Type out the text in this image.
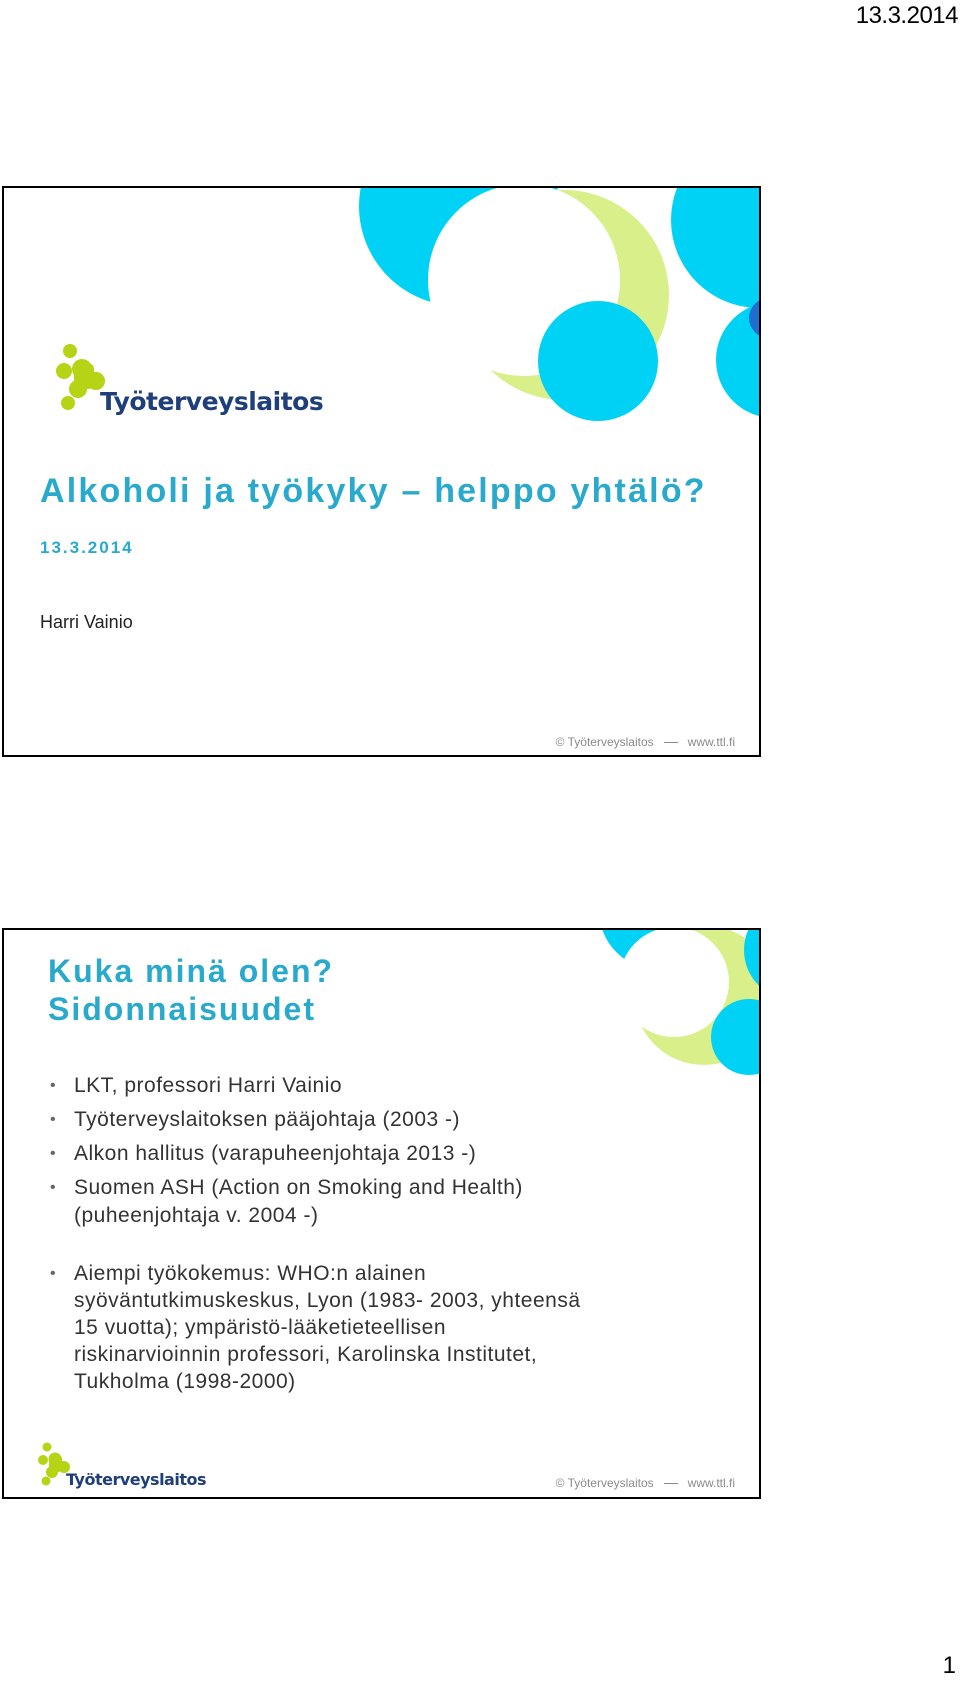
13.3.2014
Työterveyslaitos
Alkoholi ja työkyky – helppo yhtälö?
13.3.2014
Harri Vainio
© Työterveyslaitos	www.ttl.fi
Kuka minä olen?
Sidonnaisuudet
• LKT, professori Harri Vainio
• Työterveyslaitoksen pääjohtaja (2003 -)
• Alkon hallitus (varapuheenjohtaja 2013 -)
• Suomen ASH (Action on Smoking and Health) (puheenjohtaja v. 2004 -)
• Aiempi työkokemus: WHO:n alainen syöväntutkimuskeskus, Lyon (1983- 2003, yhteensä 15 vuotta); ympäristö-lääketieteellisen riskinarvioinnin professori, Karolinska Institutet, Tukholma (1998-2000)
Työterveyslaitos	© Työterveyslaitos	www.ttl.fi
1
